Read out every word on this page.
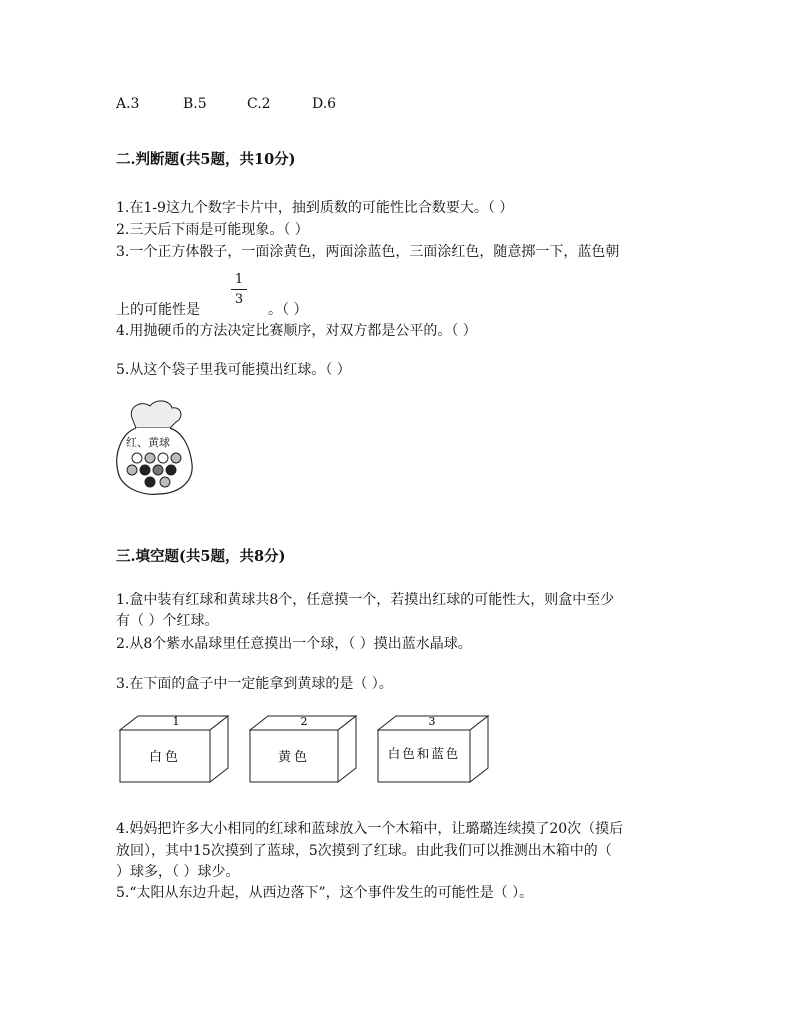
A.3	B.5	C.2	D.6
二.判断题(共5题，共10分)
1.在1-9这九个数字卡片中，抽到质数的可能性比合数要大。（ ）
2.三天后下雨是可能现象。（ ）
3.一个正方体骰子，一面涂黄色，两面涂蓝色，三面涂红色，随意掷一下，蓝色朝
1
3
上的可能性是	。（ ）
4.用抛硬币的方法决定比赛顺序，对双方都是公平的。（ ）
5.从这个袋子里我可能摸出红球。（ ）
红、黄球
三.填空题(共5题，共8分)
1.盒中装有红球和黄球共8个，任意摸一个，若摸出红球的可能性大，则盒中至少
有（ ）个红球。
2.从8个紫水晶球里任意摸出一个球，（ ）摸出蓝水晶球。
3.在下面的盒子中一定能拿到黄球的是（ ）。
1
白色
2
黄色
3
白色和蓝色
4.妈妈把许多大小相同的红球和蓝球放入一个木箱中，让璐璐连续摸了20次（摸后
放回），其中15次摸到了蓝球，5次摸到了红球。由此我们可以推测出木箱中的（
）球多，（ ）球少。
5.“太阳从东边升起，从西边落下”，这个事件发生的可能性是（ ）。
